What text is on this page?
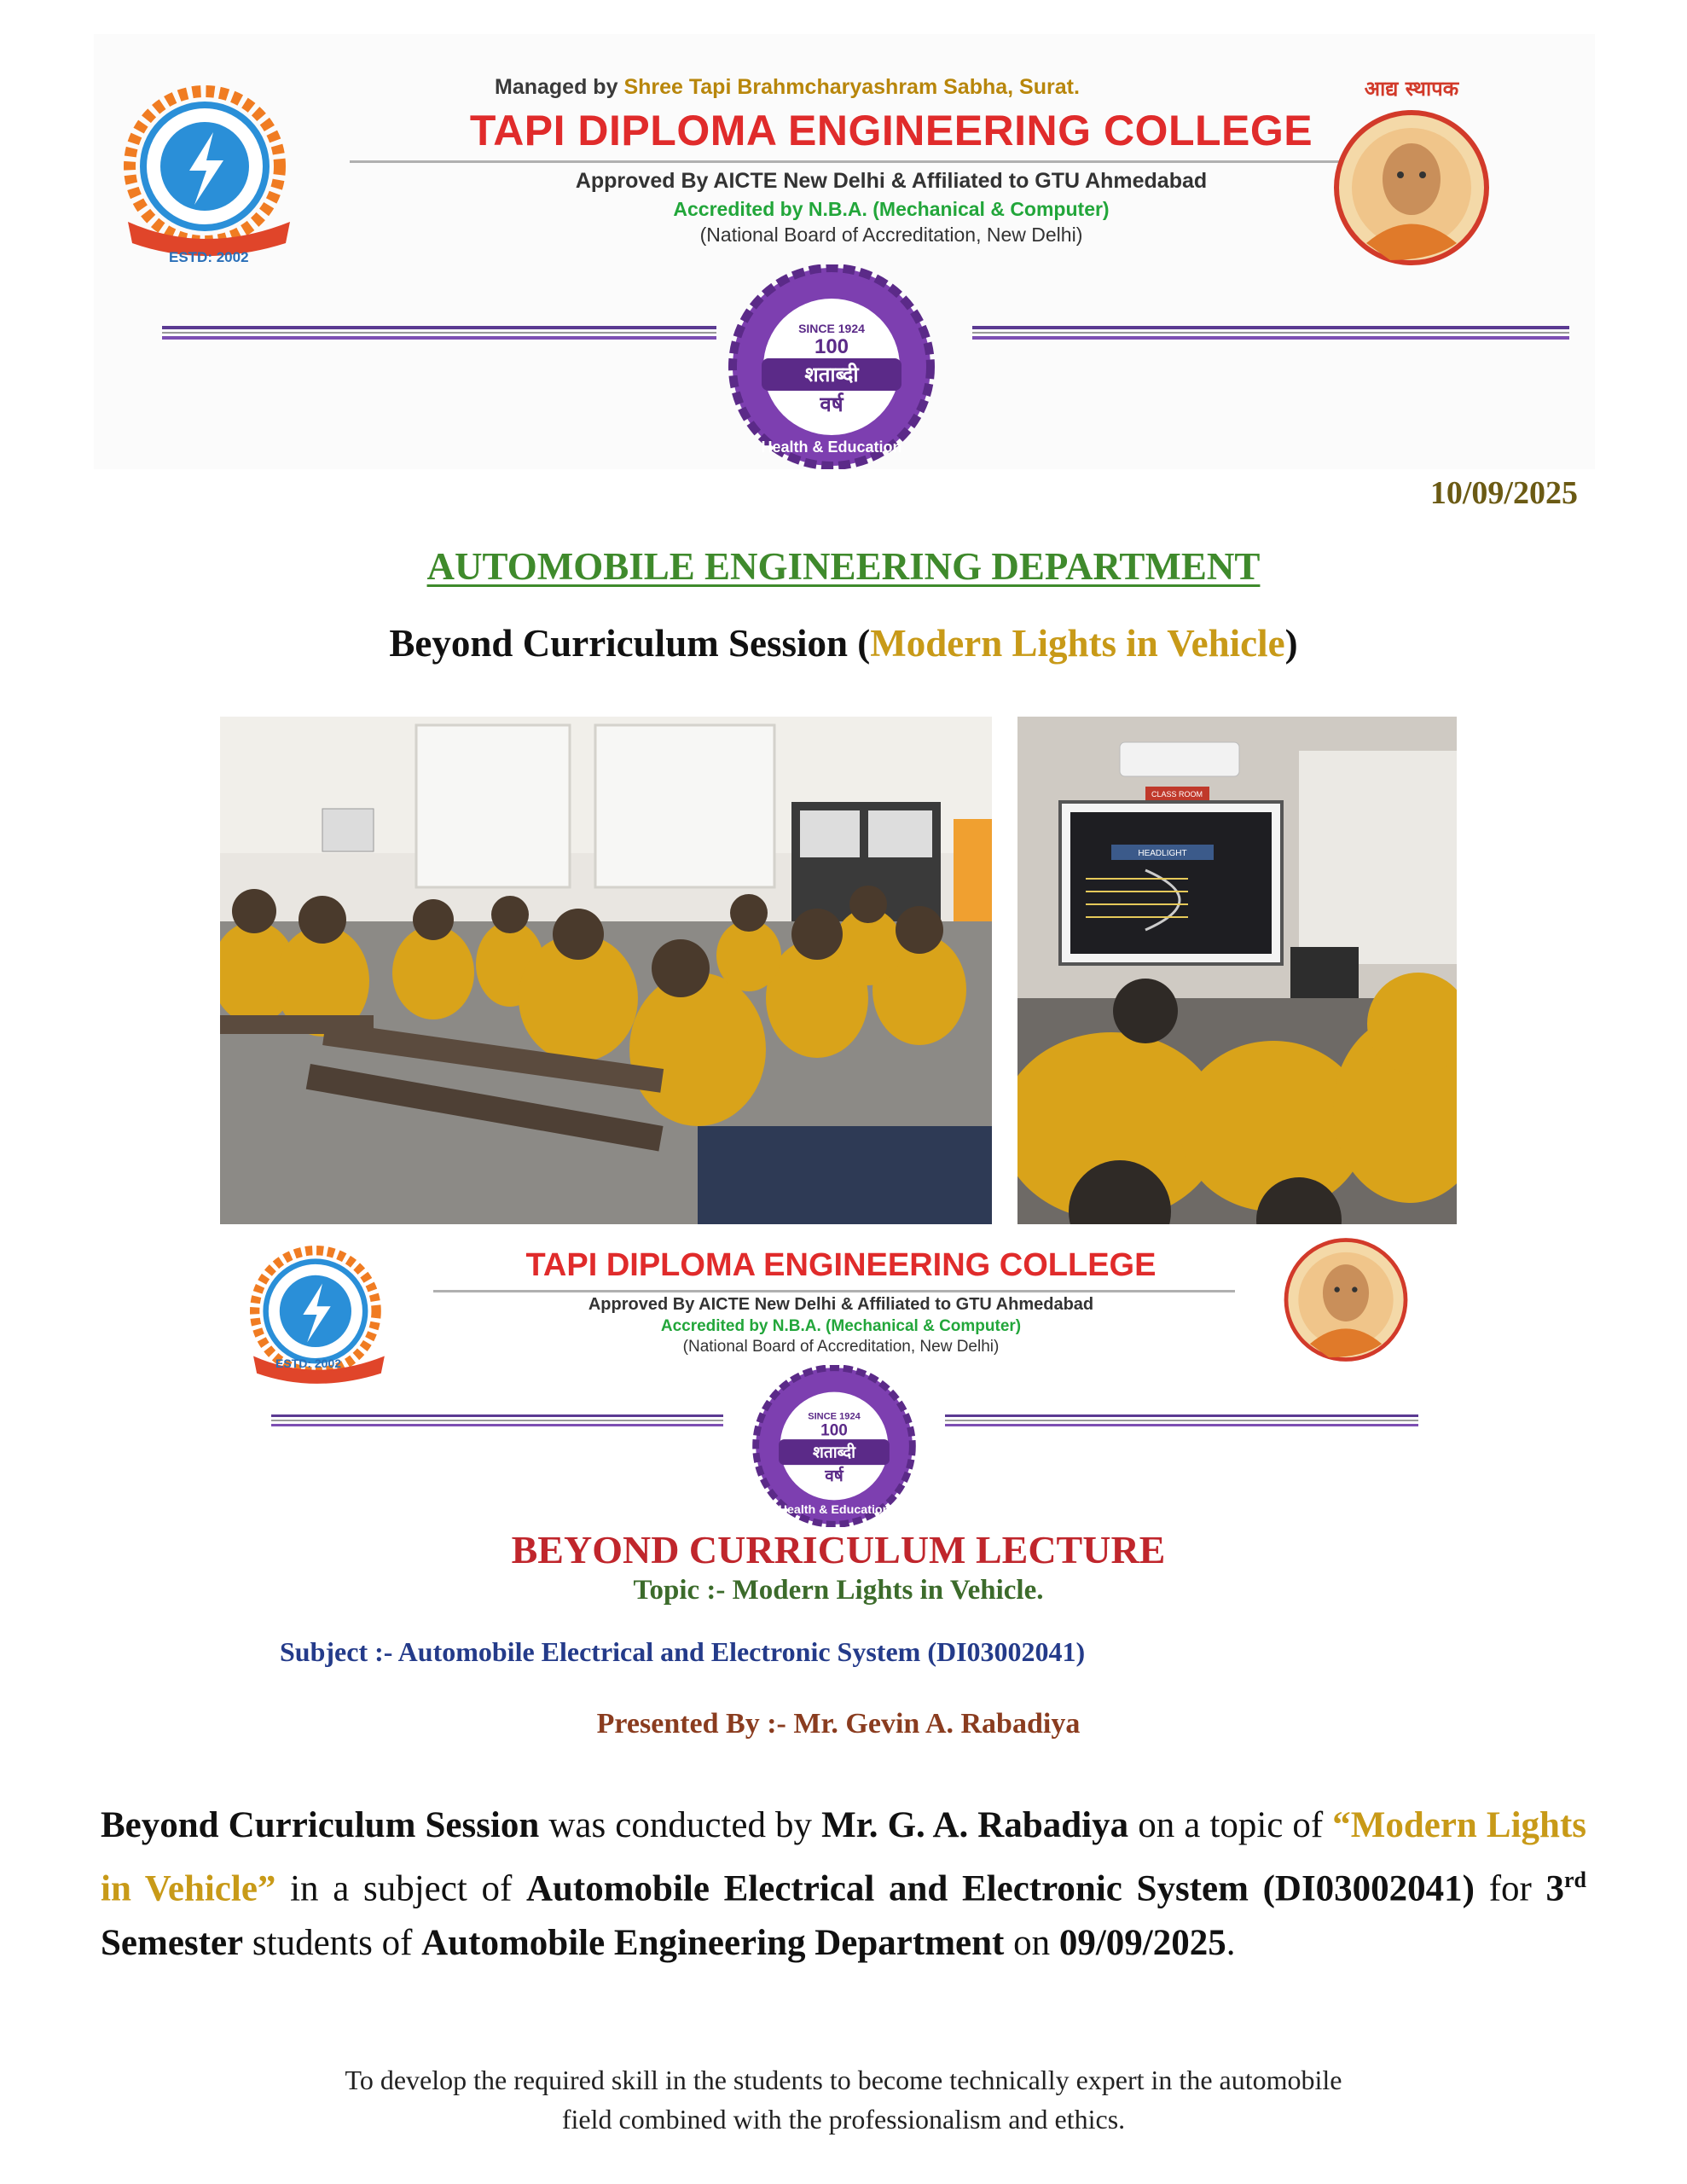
ESTD: 2002
Managed by Shree Tapi Brahmcharyashram Sabha, Surat.
TAPI DIPLOMA ENGINEERING COLLEGE
Approved By AICTE New Delhi & Affiliated to GTU Ahmedabad
Accredited by N.B.A. (Mechanical & Computer)
(National Board of Accreditation, New Delhi)
आद्य स्थापक
SINCE 1924
100
शताब्दी
वर्ष
Health & Education
10/09/2025
AUTOMOBILE ENGINEERING DEPARTMENT
Beyond Curriculum Session (Modern Lights in Vehicle)
CLASS ROOM
HEADLIGHT
ESTD: 2002
TAPI DIPLOMA ENGINEERING COLLEGE
Approved By AICTE New Delhi & Affiliated to GTU Ahmedabad
Accredited by N.B.A. (Mechanical & Computer)
(National Board of Accreditation, New Delhi)
SINCE 1924
100
शताब्दी
वर्ष
Health & Education
BEYOND CURRICULUM LECTURE
Topic :- Modern Lights in Vehicle.
Subject :- Automobile Electrical and Electronic System (DI03002041)
Presented By :- Mr. Gevin A. Rabadiya
Beyond Curriculum Session was conducted by Mr. G. A. Rabadiya on a topic of “Modern Lights in Vehicle” in a subject of Automobile Electrical and Electronic System (DI03002041) for 3rd Semester students of Automobile Engineering Department on 09/09/2025.
To develop the required skill in the students to become technically expert in the automobile
field combined with the professionalism and ethics.
